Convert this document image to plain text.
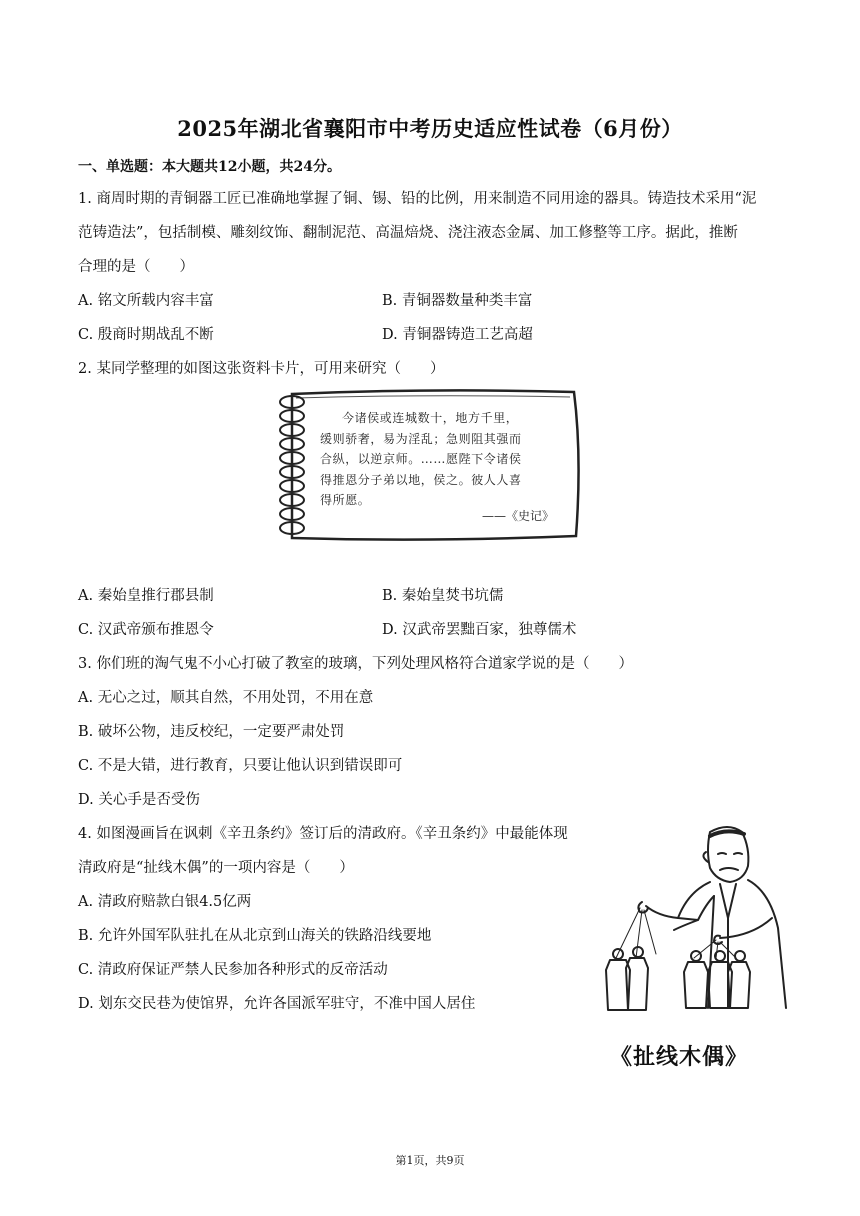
2025年湖北省襄阳市中考历史适应性试卷（6月份）
一、单选题：本大题共12小题，共24分。
1. 商周时期的青铜器工匠已准确地掌握了铜、锡、铅的比例，用来制造不同用途的器具。铸造技术采用“泥
范铸造法”，包括制模、雕刻纹饰、翻制泥范、高温焙烧、浇注液态金属、加工修整等工序。据此，推断
合理的是（　　）
A. 铭文所载内容丰富	B. 青铜器数量种类丰富
C. 殷商时期战乱不断	D. 青铜器铸造工艺高超
2. 某同学整理的如图这张资料卡片，可用来研究（　　）
今诸侯或连城数十，地方千里，
缓则骄奢，易为淫乱；急则阻其强而
合纵，以逆京师。……愿陛下令诸侯
得推恩分子弟以地，侯之。彼人人喜
得所愿。
——《史记》
A. 秦始皇推行郡县制	B. 秦始皇焚书坑儒
C. 汉武帝颁布推恩令	D. 汉武帝罢黜百家，独尊儒术
3. 你们班的淘气鬼不小心打破了教室的玻璃，下列处理风格符合道家学说的是（　　）
A. 无心之过，顺其自然，不用处罚，不用在意
B. 破坏公物，违反校纪，一定要严肃处罚
C. 不是大错，进行教育，只要让他认识到错误即可
D. 关心手是否受伤
4. 如图漫画旨在讽刺《辛丑条约》签订后的清政府。《辛丑条约》中最能体现
清政府是“扯线木偶”的一项内容是（　　）
A. 清政府赔款白银4.5亿两
B. 允许外国军队驻扎在从北京到山海关的铁路沿线要地
C. 清政府保证严禁人民参加各种形式的反帝活动
D. 划东交民巷为使馆界，允许各国派军驻守，不准中国人居住
《扯线木偶》
第1页，共9页
